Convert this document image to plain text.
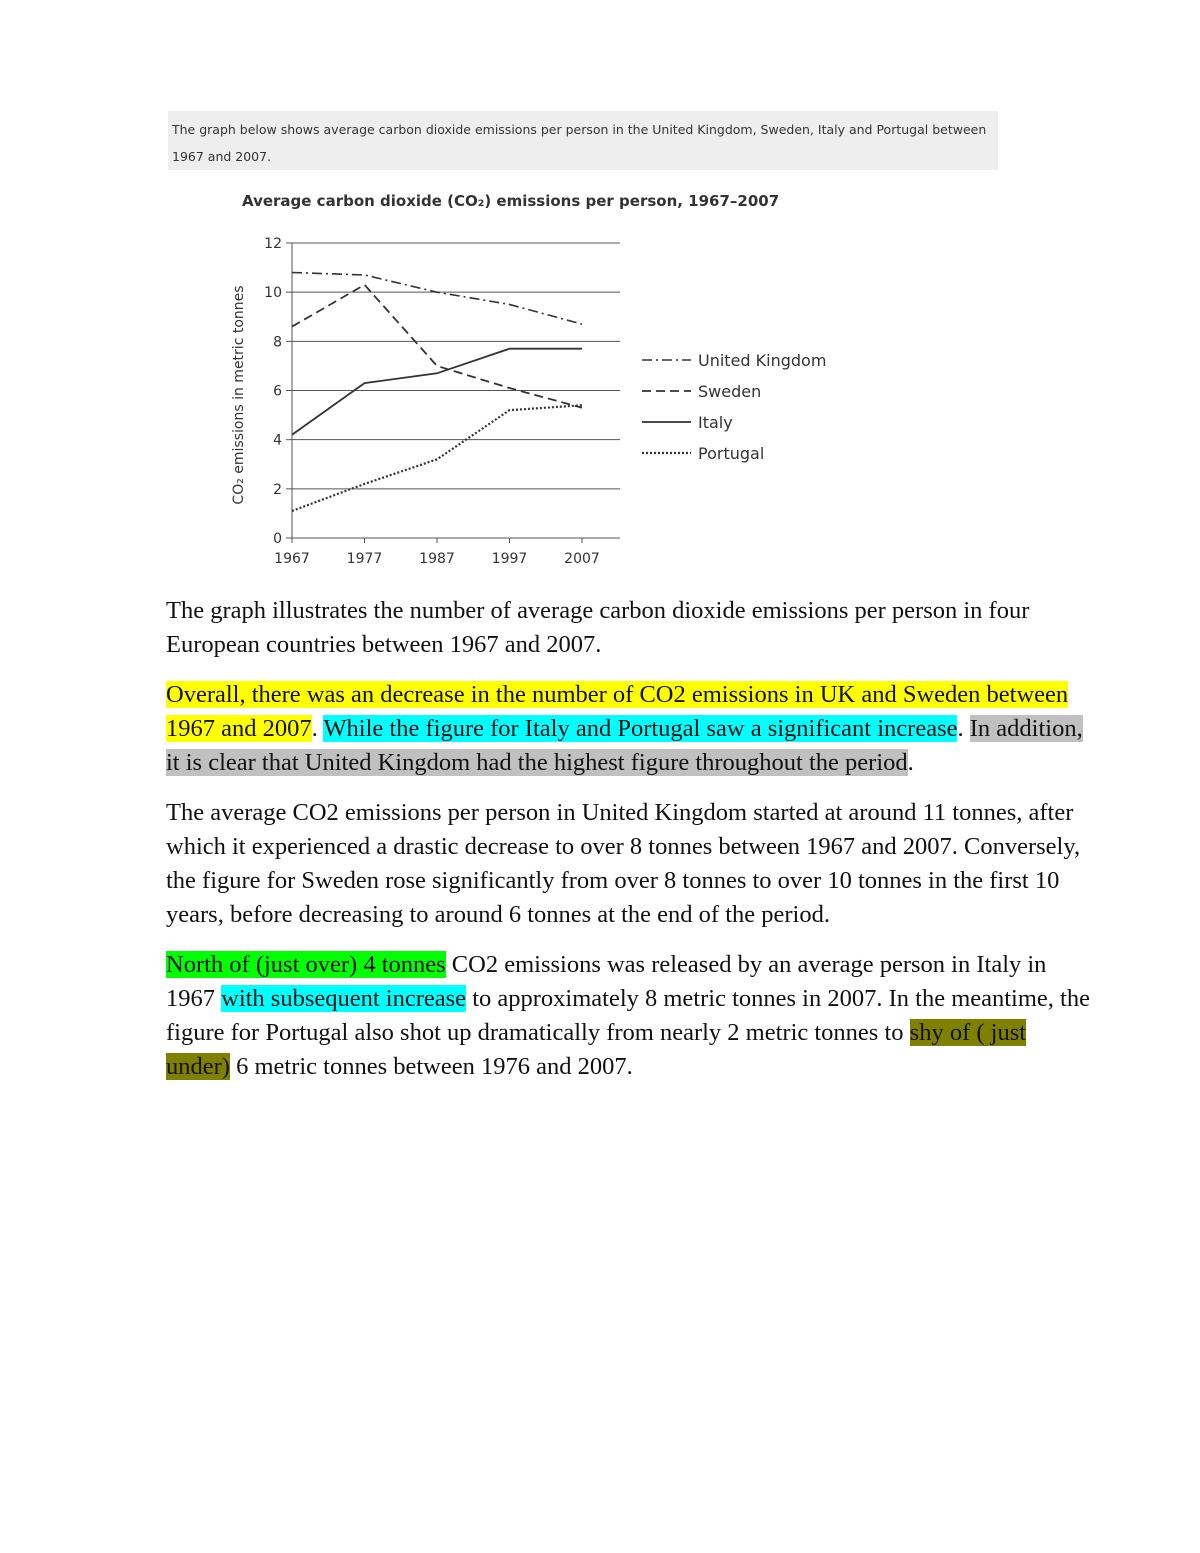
The graph below shows average carbon dioxide emissions per person in the United Kingdom, Sweden, Italy and Portugal between 1967 and 2007.
Average carbon dioxide (CO₂) emissions per person, 1967–2007
CO₂ emissions in metric tonnes
0
2
4
6
8
10
12
1967	1977	1987	1997	2007
United Kingdom
Sweden
Italy
Portugal

The graph illustrates the number of average carbon dioxide emissions per person in four European countries between 1967 and 2007.

Overall, there was an decrease in the number of CO2 emissions in UK and Sweden between 1967 and 2007. While the figure for Italy and Portugal saw a significant increase. In addition, it is clear that United Kingdom had the highest figure throughout the period.

The average CO2 emissions per person in United Kingdom started at around 11 tonnes, after which it experienced a drastic decrease to over 8 tonnes between 1967 and 2007. Conversely, the figure for Sweden rose significantly from over 8 tonnes to over 10 tonnes in the first 10 years, before decreasing to around 6 tonnes at the end of the period.

North of (just over) 4 tonnes CO2 emissions was released by an average person in Italy in 1967 with subsequent increase to approximately 8 metric tonnes in 2007. In the meantime, the figure for Portugal also shot up dramatically from nearly 2 metric tonnes to shy of ( just under) 6 metric tonnes between 1976 and 2007.
